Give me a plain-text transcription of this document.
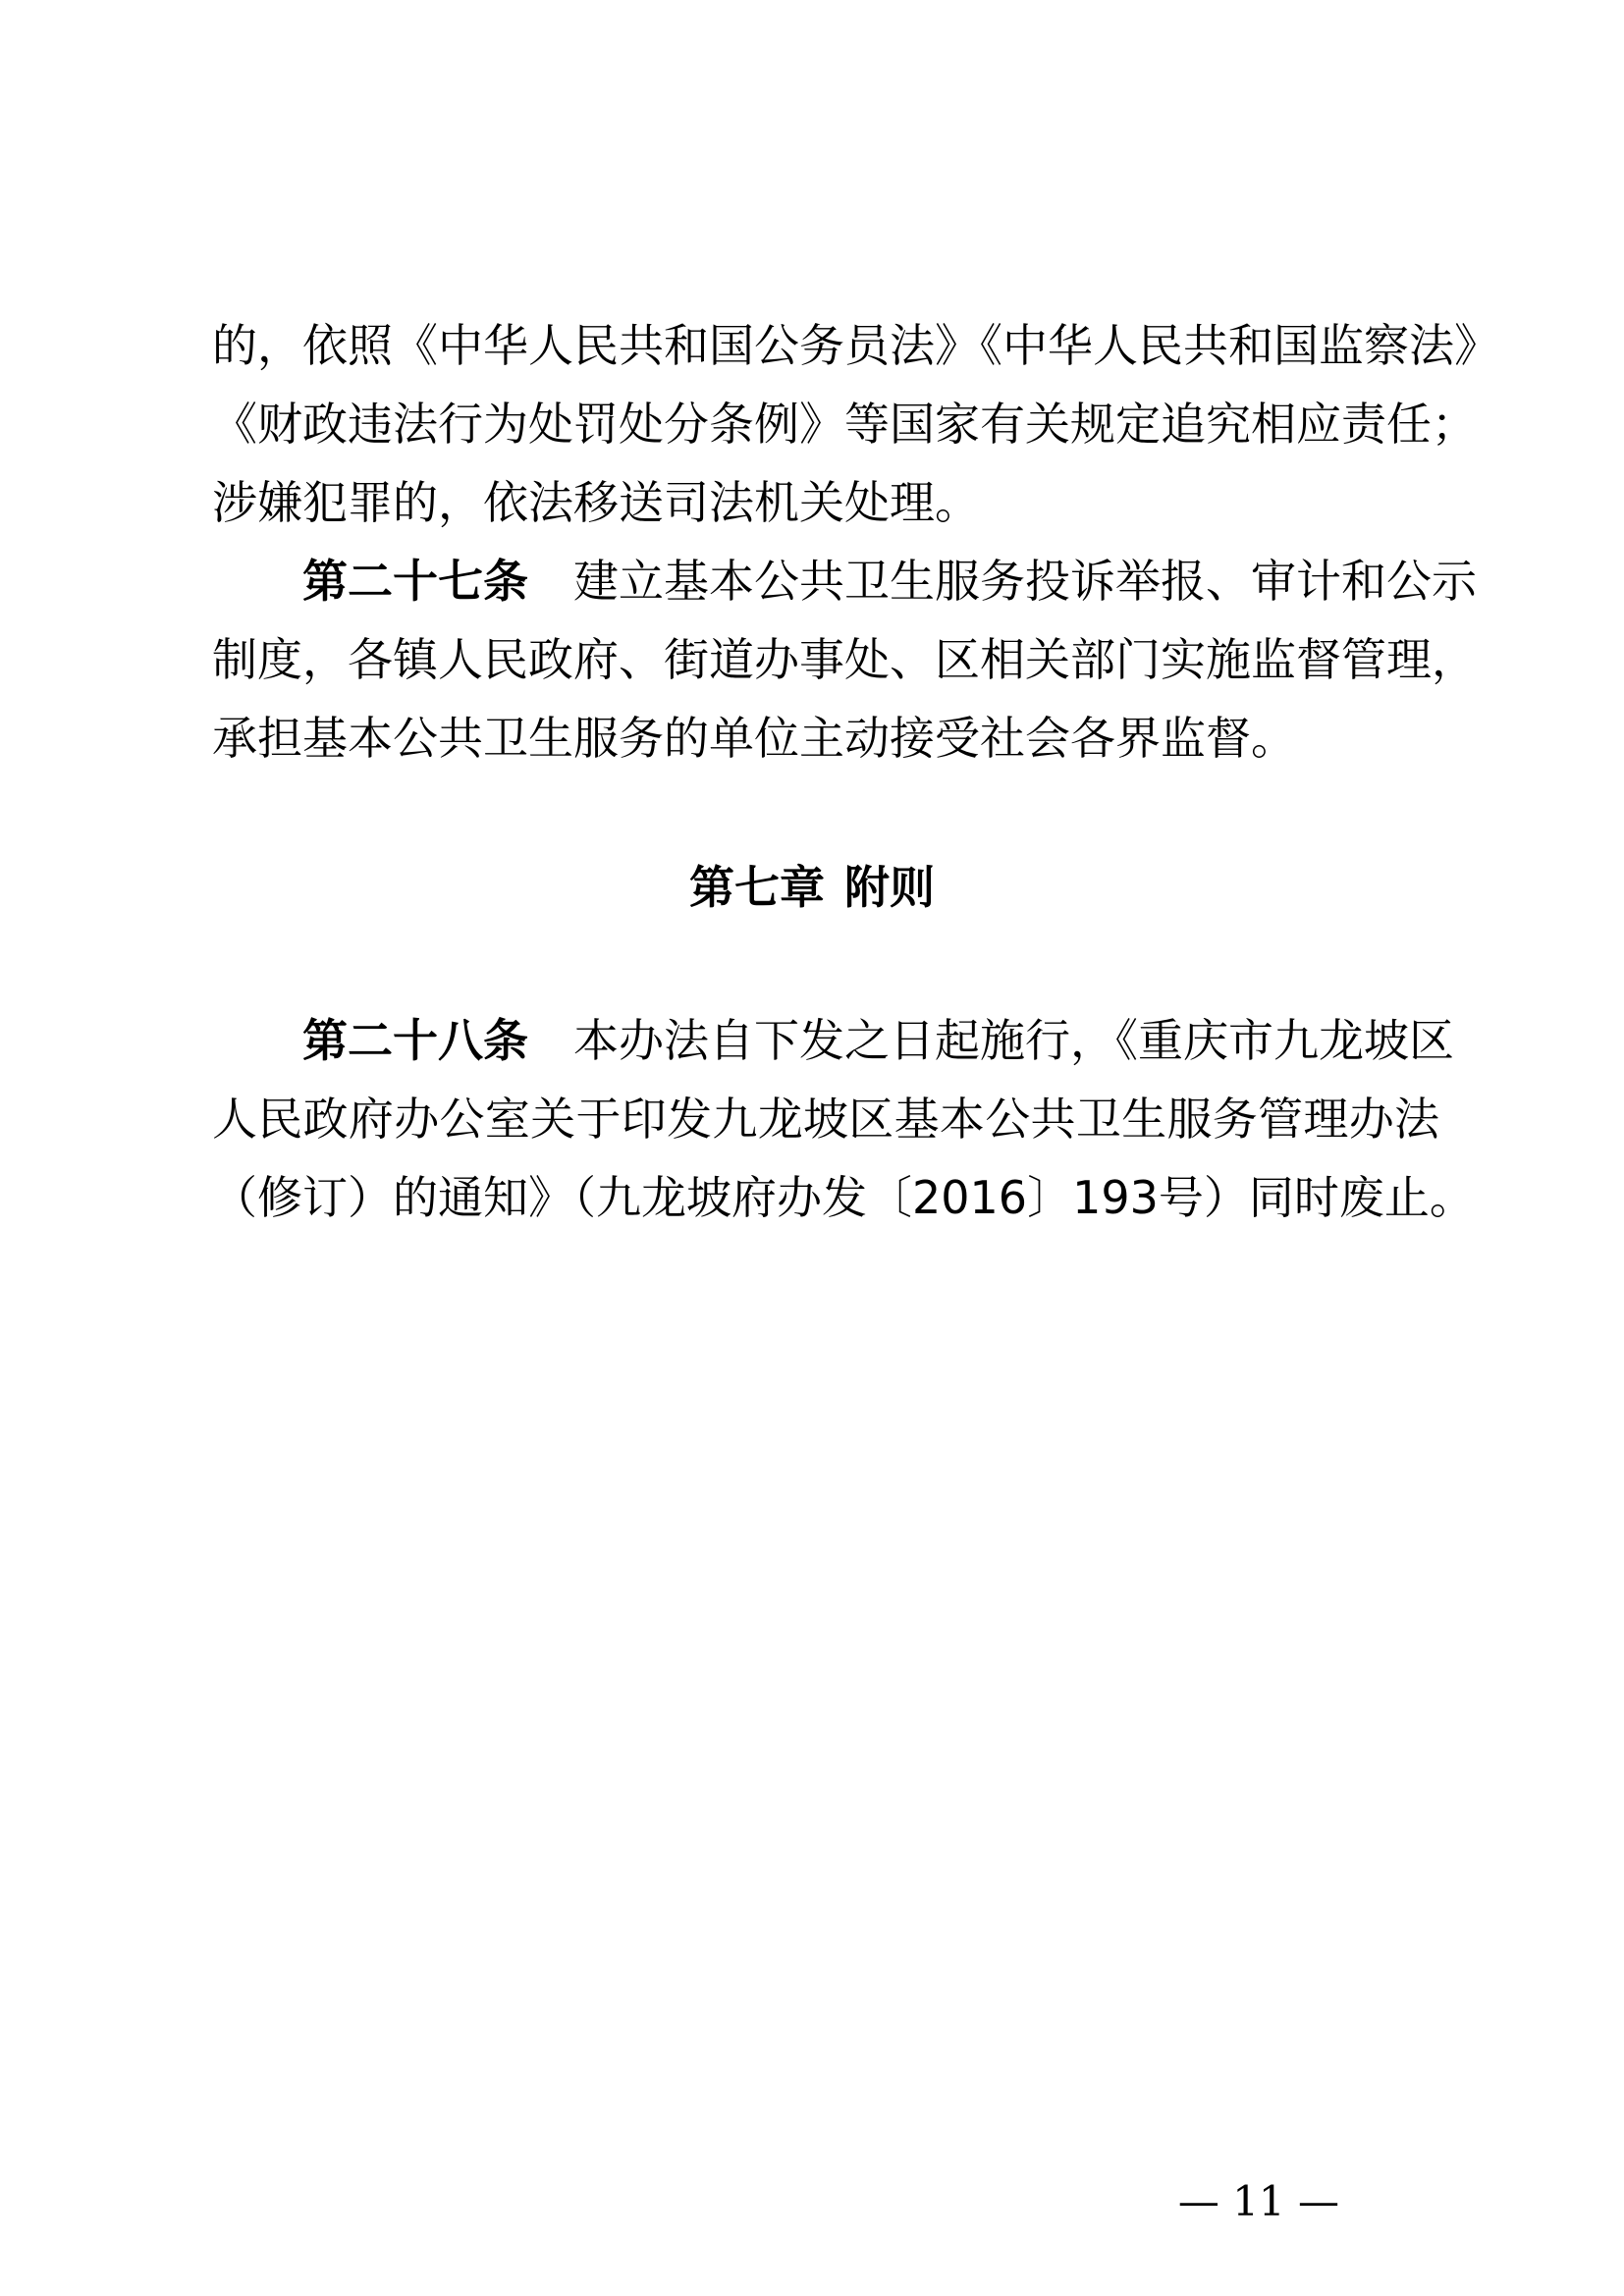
的，依照《中华人民共和国公务员法》《中华人民共和国监察法》
《财政违法行为处罚处分条例》等国家有关规定追究相应责任；
涉嫌犯罪的，依法移送司法机关处理。
第二十七条 建立基本公共卫生服务投诉举报、审计和公示
制度，各镇人民政府、街道办事处、区相关部门实施监督管理，
承担基本公共卫生服务的单位主动接受社会各界监督。
第七章 附则
第二十八条 本办法自下发之日起施行，《重庆市九龙坡区
人民政府办公室关于印发九龙坡区基本公共卫生服务管理办法
（修订）的通知》（九龙坡府办发〔2016〕193号）同时废止。
— 11 —
